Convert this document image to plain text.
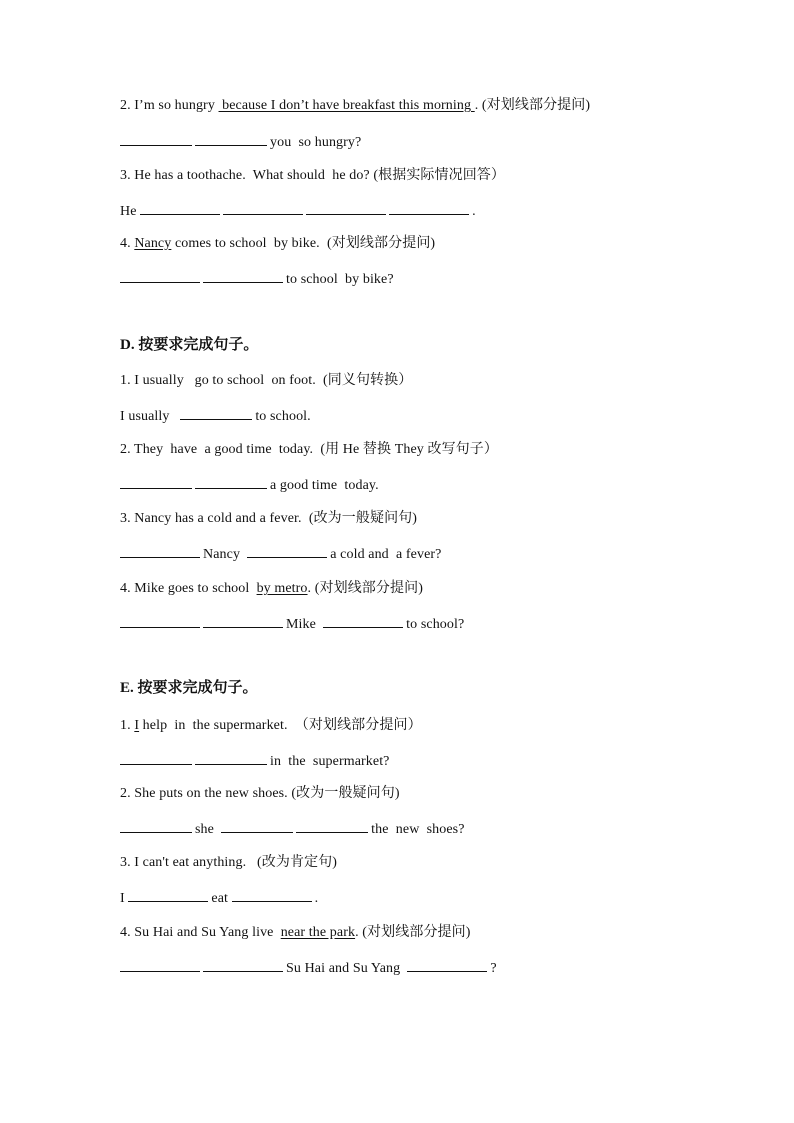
2. I’m so hungry  because I don’t have breakfast this morning . (对划线部分提问)
you  so hungry?
3. He has a toothache.  What should  he do? (根据实际情况回答）
He	.
4. Nancy comes to school  by bike.  (对划线部分提问)
to school  by bike?
D. 按要求完成句子。
1. I usually   go to school  on foot.  (同义句转换）
I usually	to school.
2. They  have  a good time  today.  (用 He 替换 They 改写句子）
a good time  today.
3. Nancy has a cold and a fever.  (改为一般疑问句)
Nancy	a cold and  a fever?
4. Mike goes to school  by metro. (对划线部分提问)
Mike	to school?
E. 按要求完成句子。
1. I help  in  the supermarket.  （对划线部分提问）
in  the  supermarket?
2. She puts on the new shoes. (改为一般疑问句)
she	the  new  shoes?
3. I can't eat anything.   (改为肯定句)
I	eat	.
4. Su Hai and Su Yang live  near the park. (对划线部分提问)
Su Hai and Su Yang	?
